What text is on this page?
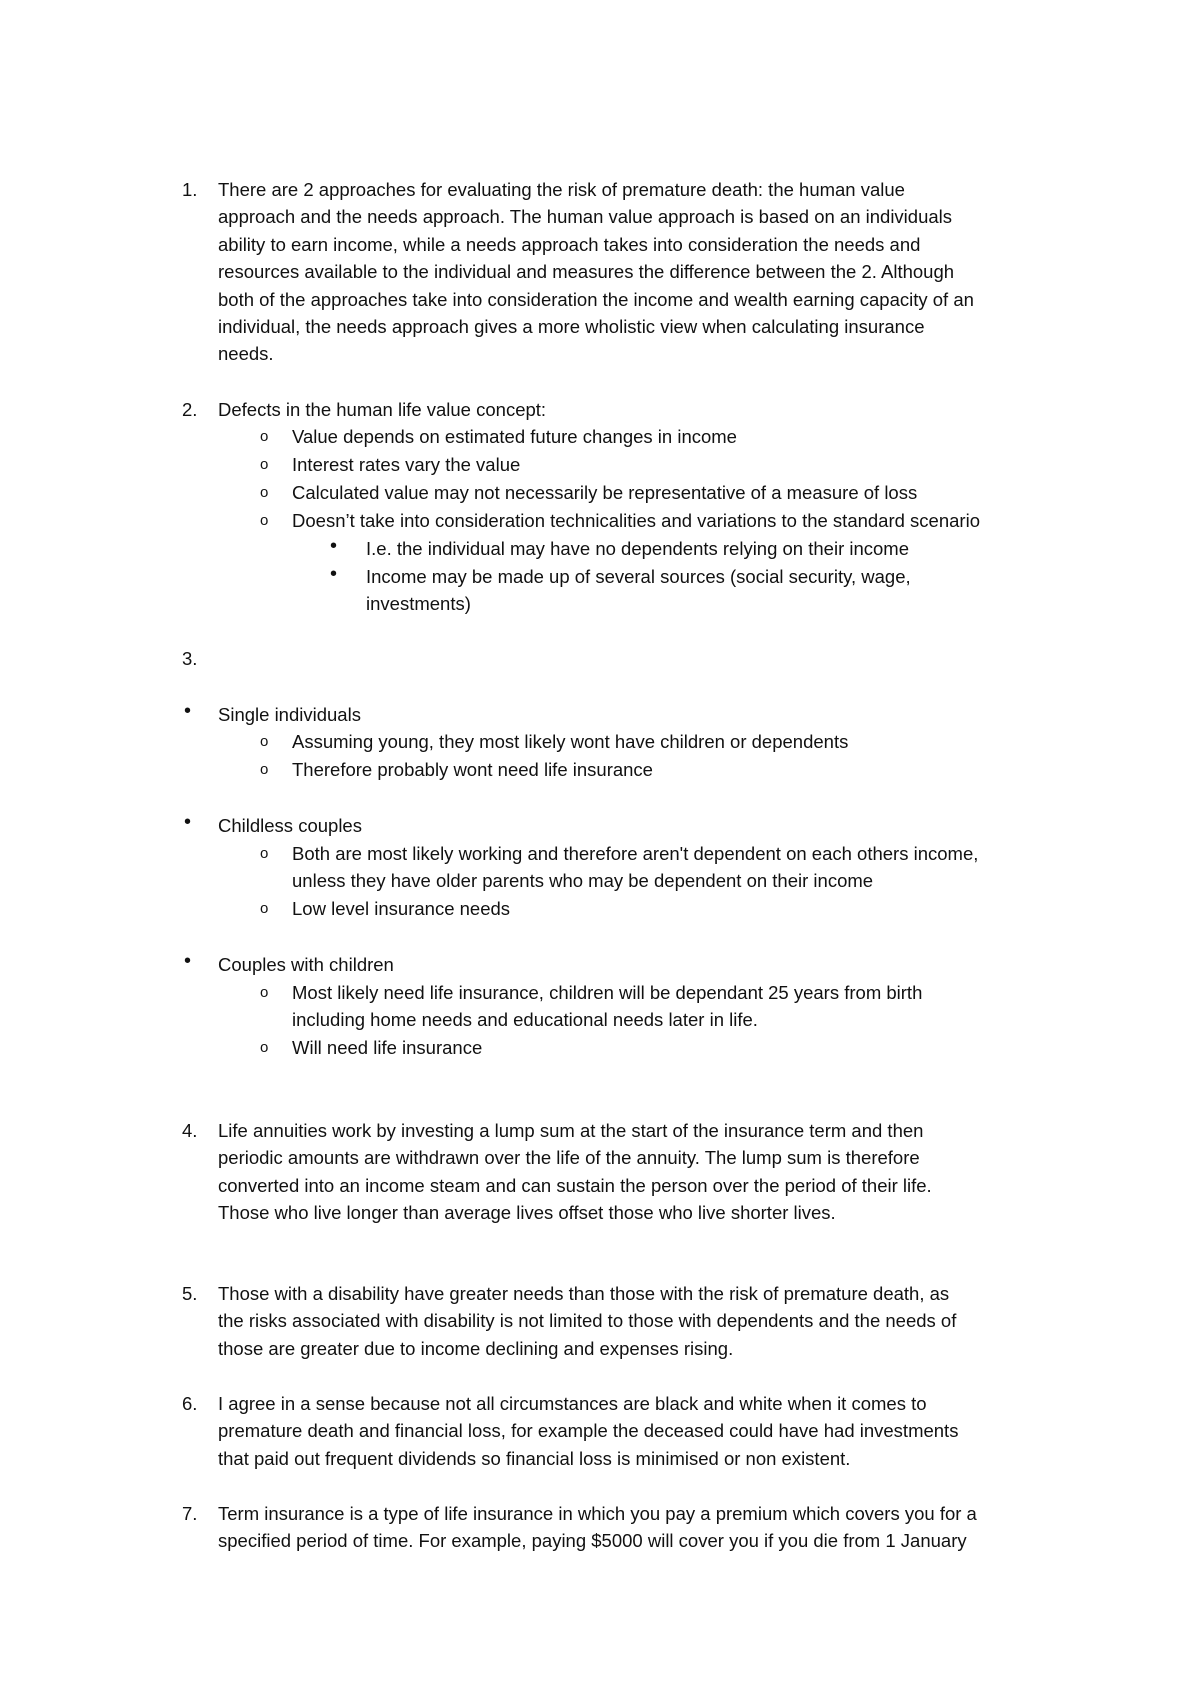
1.	There are 2 approaches for evaluating the risk of premature death: the human value
approach and the needs approach. The human value approach is based on an individuals
ability to earn income, while a needs approach takes into consideration the needs and
resources available to the individual and measures the difference between the 2. Although
both of the approaches take into consideration the income and wealth earning capacity of an
individual, the needs approach gives a more wholistic view when calculating insurance
needs.
2.	Defects in the human life value concept:
o	Value depends on estimated future changes in income
o	Interest rates vary the value
o	Calculated value may not necessarily be representative of a measure of loss
o	Doesn’t take into consideration technicalities and variations to the standard scenario
•	I.e. the individual may have no dependents relying on their income
•	Income may be made up of several sources (social security, wage,
investments)
3.
•	Single individuals
o	Assuming young, they most likely wont have children or dependents
o	Therefore probably wont need life insurance
•	Childless couples
o	Both are most likely working and therefore aren't dependent on each others income,
unless they have older parents who may be dependent on their income
o	Low level insurance needs
•	Couples with children
o	Most likely need life insurance, children will be dependant 25 years from birth
including home needs and educational needs later in life.
o	Will need life insurance
4.	Life annuities work by investing a lump sum at the start of the insurance term and then
periodic amounts are withdrawn over the life of the annuity. The lump sum is therefore
converted into an income steam and can sustain the person over the period of their life.
Those who live longer than average lives offset those who live shorter lives.
5.	Those with a disability have greater needs than those with the risk of premature death, as
the risks associated with disability is not limited to those with dependents and the needs of
those are greater due to income declining and expenses rising.
6.	I agree in a sense because not all circumstances are black and white when it comes to
premature death and financial loss, for example the deceased could have had investments
that paid out frequent dividends so financial loss is minimised or non existent.
7.	Term insurance is a type of life insurance in which you pay a premium which covers you for a
specified period of time. For example, paying $5000 will cover you if you die from 1 January
